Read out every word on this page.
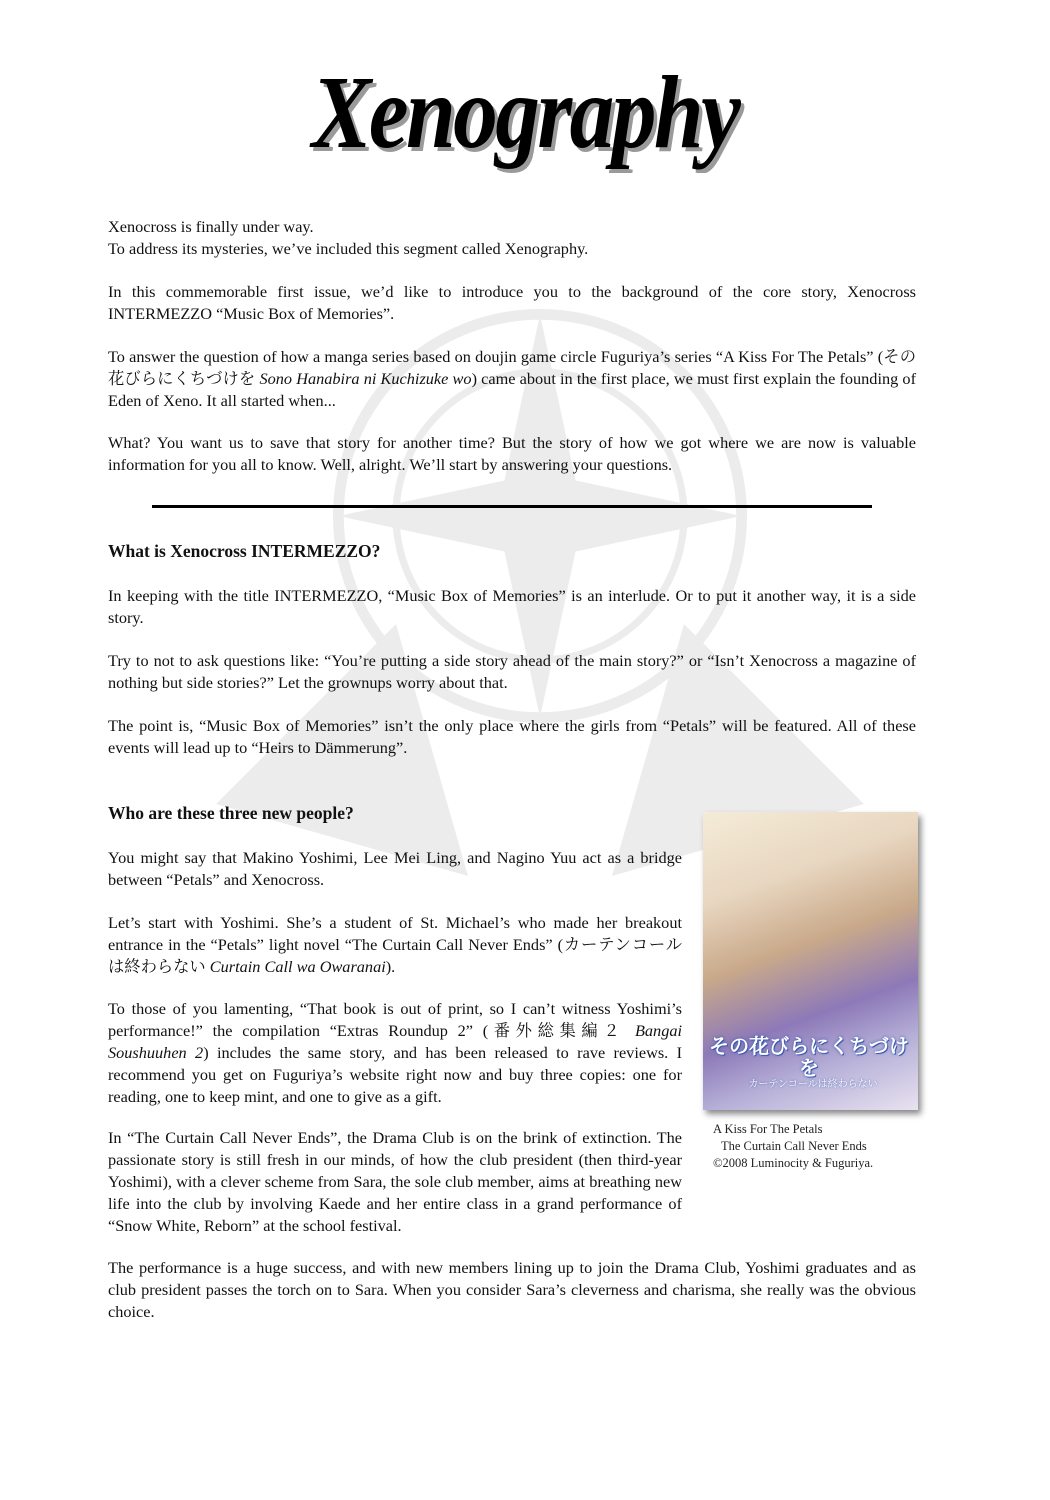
Xenography

Xenocross is finally under way.

To address its mysteries, we’ve included this segment called Xenography.

In this commemorable first issue, we’d like to introduce you to the background of the core story, Xenocross INTERMEZZO “Music Box of Memories”.

To answer the question of how a manga series based on doujin game circle Fuguriya’s series “A Kiss For The Petals” (その花びらにくちづけを Sono Hanabira ni Kuchizuke wo) came about in the first place, we must first explain the founding of Eden of Xeno. It all started when...

What? You want us to save that story for another time? But the story of how we got where we are now is valuable information for you all to know. Well, alright. We’ll start by answering your questions.

What is Xenocross INTERMEZZO?

In keeping with the title INTERMEZZO, “Music Box of Memories” is an interlude. Or to put it another way, it is a side story.

Try to not to ask questions like: “You’re putting a side story ahead of the main story?” or “Isn’t Xenocross a magazine of nothing but side stories?” Let the grownups worry about that.

The point is, “Music Box of Memories” isn’t the only place where the girls from “Petals” will be featured. All of these events will lead up to “Heirs to Dämmerung”.

Who are these three new people?

You might say that Makino Yoshimi, Lee Mei Ling, and Nagino Yuu act as a bridge between “Petals” and Xenocross.

Let’s start with Yoshimi. She’s a student of St. Michael’s who made her breakout entrance in the “Petals” light novel “The Curtain Call Never Ends” (カーテンコールは終わらない Curtain Call wa Owaranai).

To those of you lamenting, “That book is out of print, so I can’t witness Yoshimi’s performance!” the compilation “Extras Roundup 2” (番外総集編２ Bangai Soushuuhen 2) includes the same story, and has been released to rave reviews. I recommend you get on Fuguriya’s website right now and buy three copies: one for reading, one to keep mint, and one to give as a gift.

In “The Curtain Call Never Ends”, the Drama Club is on the brink of extinction. The passionate story is still fresh in our minds, of how the club president (then third-year Yoshimi), with a clever scheme from Sara, the sole club member, aims at breathing new life into the club by involving Kaede and her entire class in a grand performance of “Snow White, Reborn” at the school festival.

The performance is a huge success, and with new members lining up to join the Drama Club, Yoshimi graduates and as club president passes the torch on to Sara. When you consider Sara’s cleverness and charisma, she really was the obvious choice.

その花びらにくちづけを
カーテンコールは終わらない
A Kiss For The Petals
The Curtain Call Never Ends
©2008 Luminocity & Fuguriya.
